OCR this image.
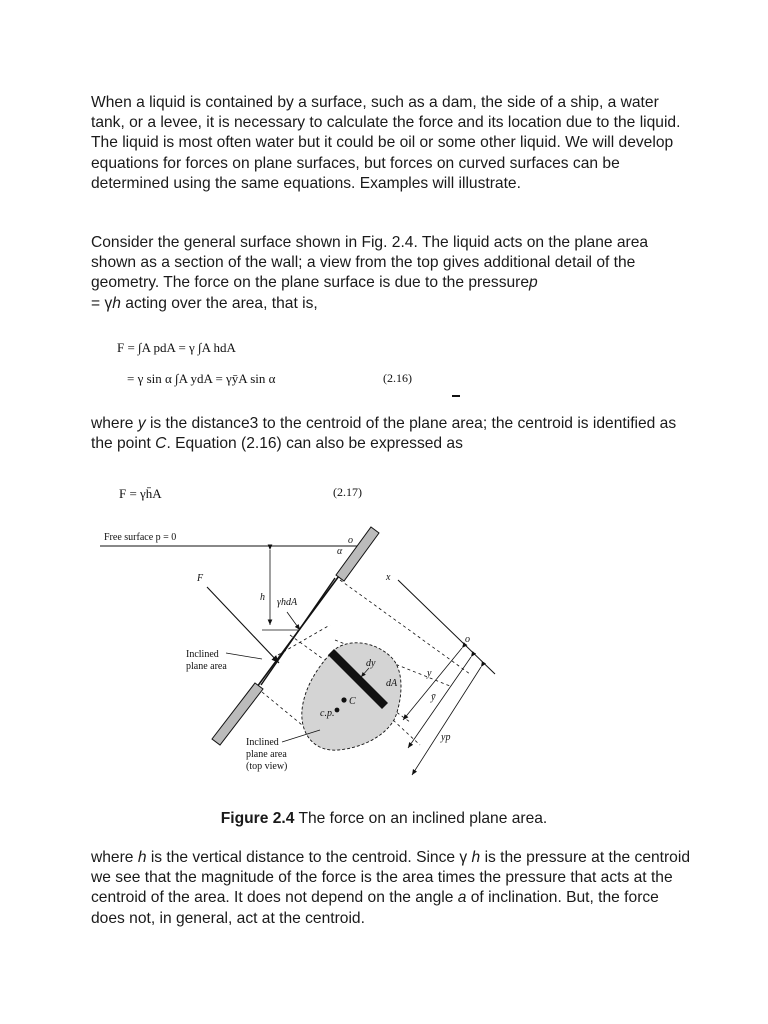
When a liquid is contained by a surface, such as a dam, the side of a ship, a water tank, or a levee, it is necessary to calculate the force and its location due to the liquid. The liquid is most often water but it could be oil or some other liquid. We will develop equations for forces on plane surfaces, but forces on curved surfaces can be determined using the same equations. Examples will illustrate.

Consider the general surface shown in Fig. 2.4. The liquid acts on the plane area shown as a section of the wall; a view from the top gives additional detail of the geometry. The force on the plane surface is due to the pressurep
= γh acting over the area, that is,

F = ∫A pdA = γ ∫A hdA
= γ sin α ∫A ydA = γȳA sin α	(2.16)

where y is the distance3 to the centroid of the plane area; the centroid is identified as the point C. Equation (2.16) can also be expressed as

F = γh̄A	(2.17)
Free surface p = 0	o
α
h γhdA
F
Inclined
plane area	dy
dA
C
c.p.
Inclined
plane area
(top view)
x
o
y
ȳ
yp
Figure 2.4 The force on an inclined plane area.

where h is the vertical distance to the centroid. Since γ h is the pressure at the centroid we see that the magnitude of the force is the area times the pressure that acts at the centroid of the area. It does not depend on the angle a of inclination. But, the force does not, in general, act at the centroid.
